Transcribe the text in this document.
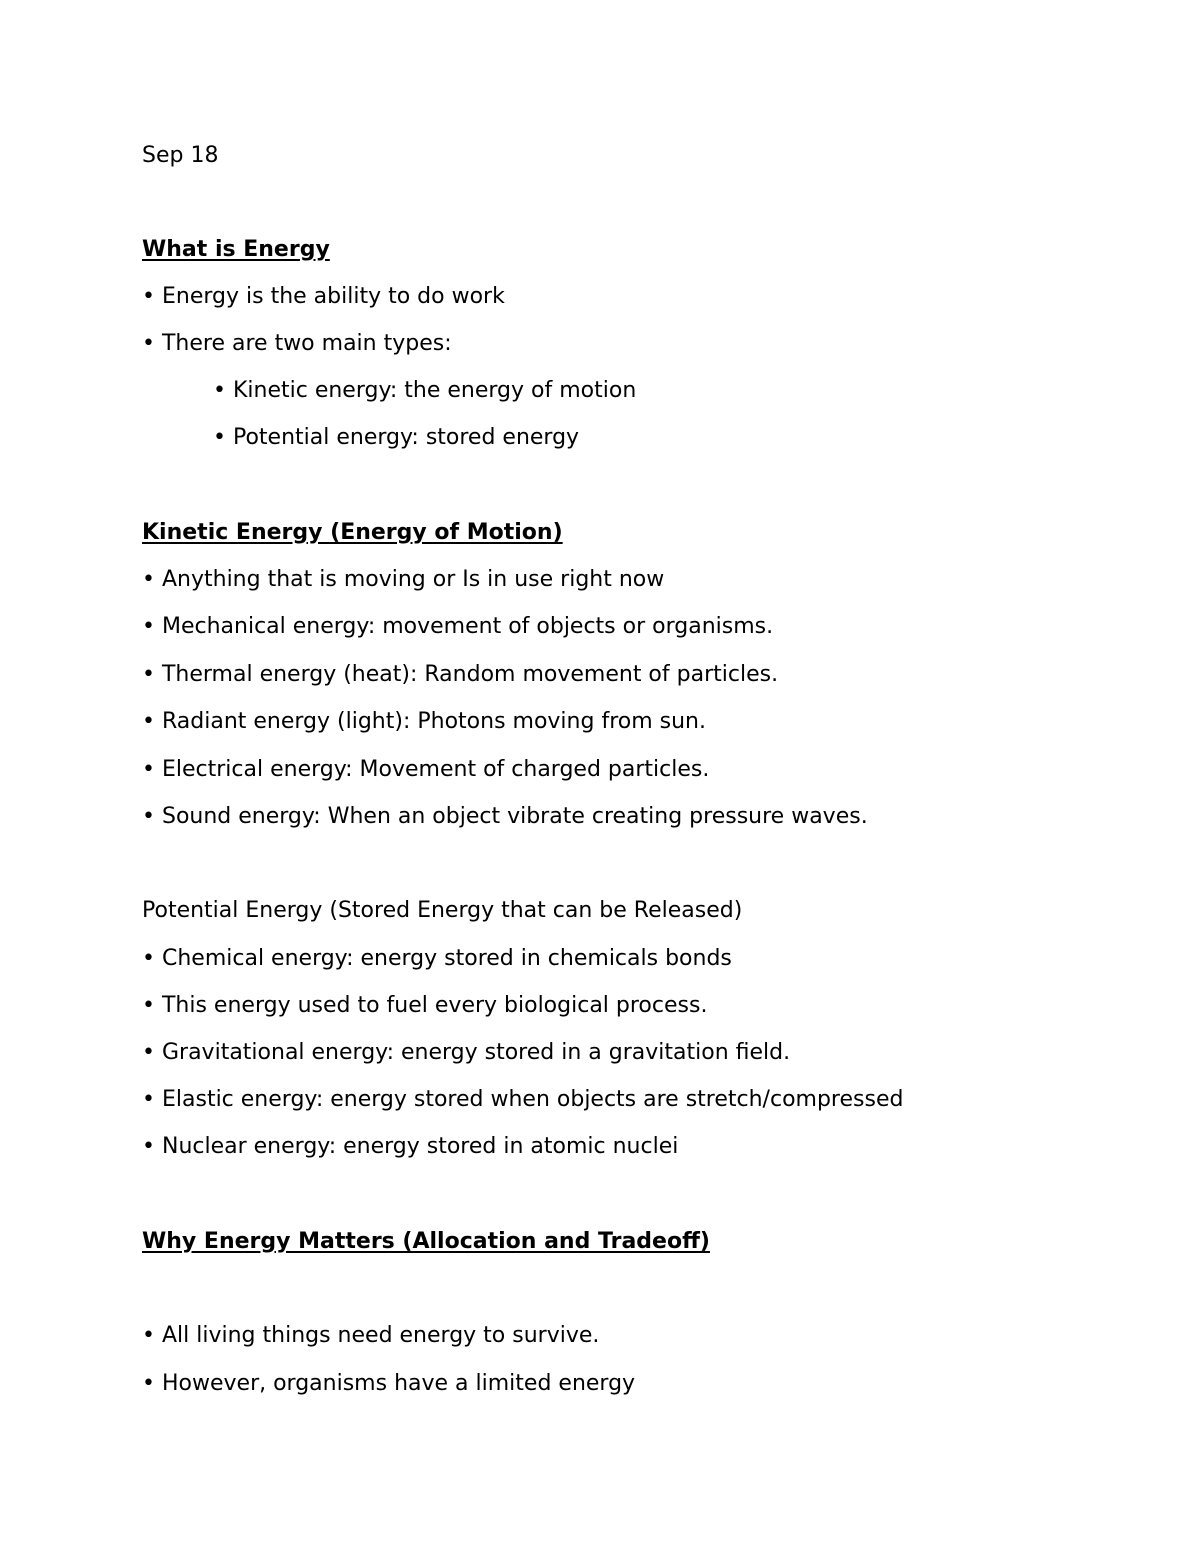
Sep 18
What is Energy
• Energy is the ability to do work
• There are two main types:
• Kinetic energy: the energy of motion
• Potential energy: stored energy
Kinetic Energy (Energy of Motion)
• Anything that is moving or Is in use right now
• Mechanical energy: movement of objects or organisms.
• Thermal energy (heat): Random movement of particles.
• Radiant energy (light): Photons moving from sun.
• Electrical energy: Movement of charged particles.
• Sound energy: When an object vibrate creating pressure waves.
Potential Energy (Stored Energy that can be Released)
• Chemical energy: energy stored in chemicals bonds
• This energy used to fuel every biological process.
• Gravitational energy: energy stored in a gravitation field.
• Elastic energy: energy stored when objects are stretch/compressed
• Nuclear energy: energy stored in atomic nuclei
Why Energy Matters (Allocation and Tradeoff)
• All living things need energy to survive.
• However, organisms have a limited energy
